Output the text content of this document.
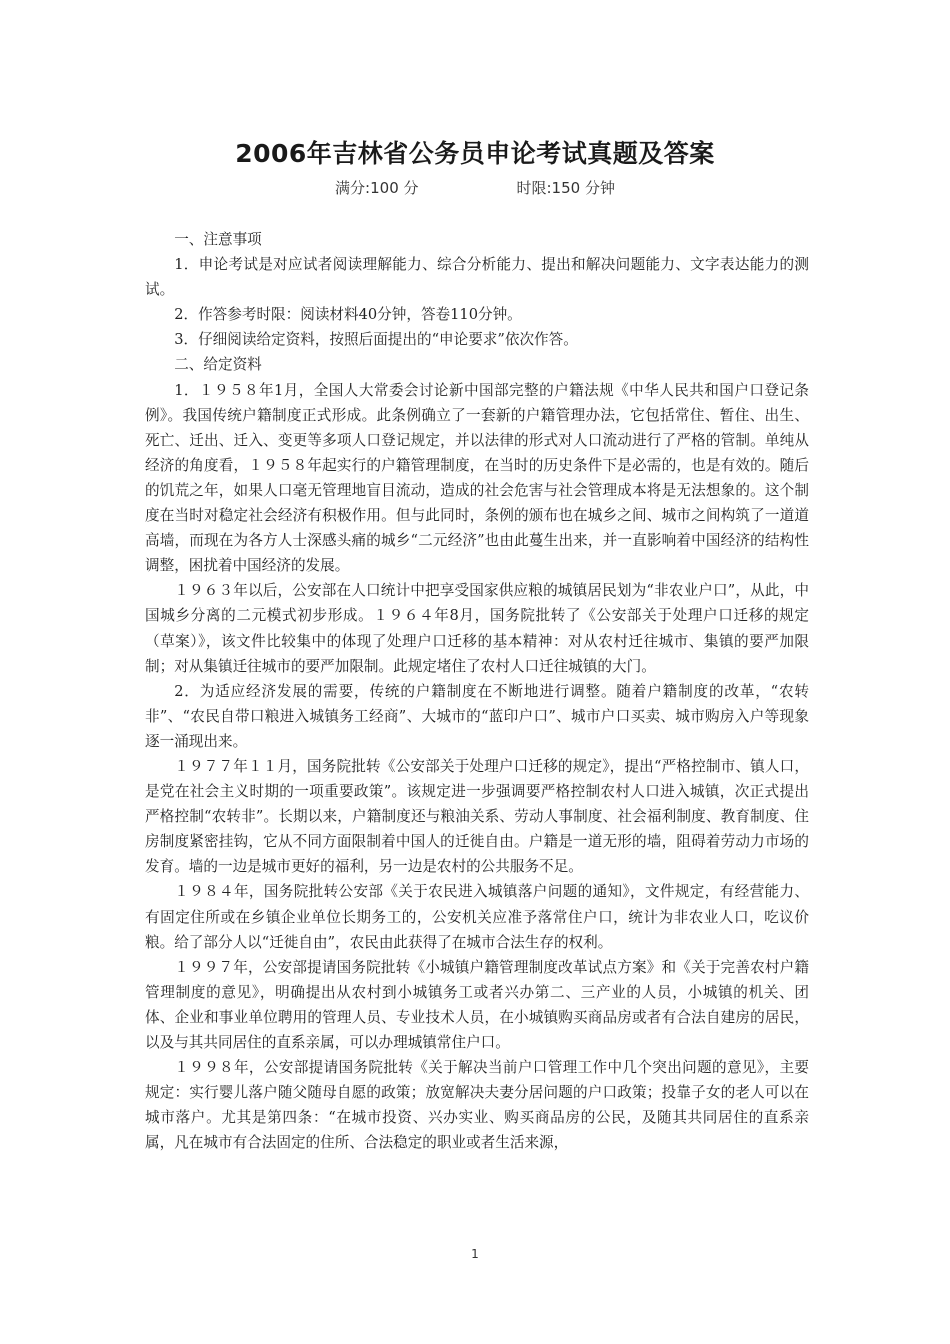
2006年吉林省公务员申论考试真题及答案
满分:100 分	时限:150 分钟

一、注意事项

1．申论考试是对应试者阅读理解能力、综合分析能力、提出和解决问题能力、文字表达能力的测试。

2．作答参考时限：阅读材料40分钟，答卷110分钟。

3．仔细阅读给定资料，按照后面提出的“申论要求”依次作答。

二、给定资料

1．１９５８年1月，全国人大常委会讨论新中国部完整的户籍法规《中华人民共和国户口登记条例》。我国传统户籍制度正式形成。此条例确立了一套新的户籍管理办法，它包括常住、暂住、出生、死亡、迁出、迁入、变更等多项人口登记规定，并以法律的形式对人口流动进行了严格的管制。单纯从经济的角度看，１９５８年起实行的户籍管理制度，在当时的历史条件下是必需的，也是有效的。随后的饥荒之年，如果人口毫无管理地盲目流动，造成的社会危害与社会管理成本将是无法想象的。这个制度在当时对稳定社会经济有积极作用。但与此同时，条例的颁布也在城乡之间、城市之间构筑了一道道高墙，而现在为各方人士深感头痛的城乡“二元经济”也由此蔓生出来，并一直影响着中国经济的结构性调整，困扰着中国经济的发展。

１９６３年以后，公安部在人口统计中把享受国家供应粮的城镇居民划为“非农业户口”，从此，中国城乡分离的二元模式初步形成。１９６４年8月，国务院批转了《公安部关于处理户口迁移的规定（草案）》，该文件比较集中的体现了处理户口迁移的基本精神：对从农村迁往城市、集镇的要严加限制；对从集镇迁往城市的要严加限制。此规定堵住了农村人口迁往城镇的大门。

2．为适应经济发展的需要，传统的户籍制度在不断地进行调整。随着户籍制度的改革，“农转非”、“农民自带口粮进入城镇务工经商”、大城市的“蓝印户口”、城市户口买卖、城市购房入户等现象逐一涌现出来。

１９７７年１１月，国务院批转《公安部关于处理户口迁移的规定》，提出“严格控制市、镇人口，是党在社会主义时期的一项重要政策”。该规定进一步强调要严格控制农村人口进入城镇，次正式提出严格控制“农转非”。长期以来，户籍制度还与粮油关系、劳动人事制度、社会福利制度、教育制度、住房制度紧密挂钩，它从不同方面限制着中国人的迁徙自由。户籍是一道无形的墙，阻碍着劳动力市场的发育。墙的一边是城市更好的福利，另一边是农村的公共服务不足。

１９８４年，国务院批转公安部《关于农民进入城镇落户问题的通知》，文件规定，有经营能力、有固定住所或在乡镇企业单位长期务工的，公安机关应准予落常住户口，统计为非农业人口，吃议价粮。给了部分人以“迁徙自由”，农民由此获得了在城市合法生存的权利。

１９９７年，公安部提请国务院批转《小城镇户籍管理制度改革试点方案》和《关于完善农村户籍管理制度的意见》，明确提出从农村到小城镇务工或者兴办第二、三产业的人员，小城镇的机关、团体、企业和事业单位聘用的管理人员、专业技术人员，在小城镇购买商品房或者有合法自建房的居民，以及与其共同居住的直系亲属，可以办理城镇常住户口。

１９９８年，公安部提请国务院批转《关于解决当前户口管理工作中几个突出问题的意见》，主要规定：实行婴儿落户随父随母自愿的政策；放宽解决夫妻分居问题的户口政策；投靠子女的老人可以在城市落户。尤其是第四条：“在城市投资、兴办实业、购买商品房的公民，及随其共同居住的直系亲属，凡在城市有合法固定的住所、合法稳定的职业或者生活来源，

1
